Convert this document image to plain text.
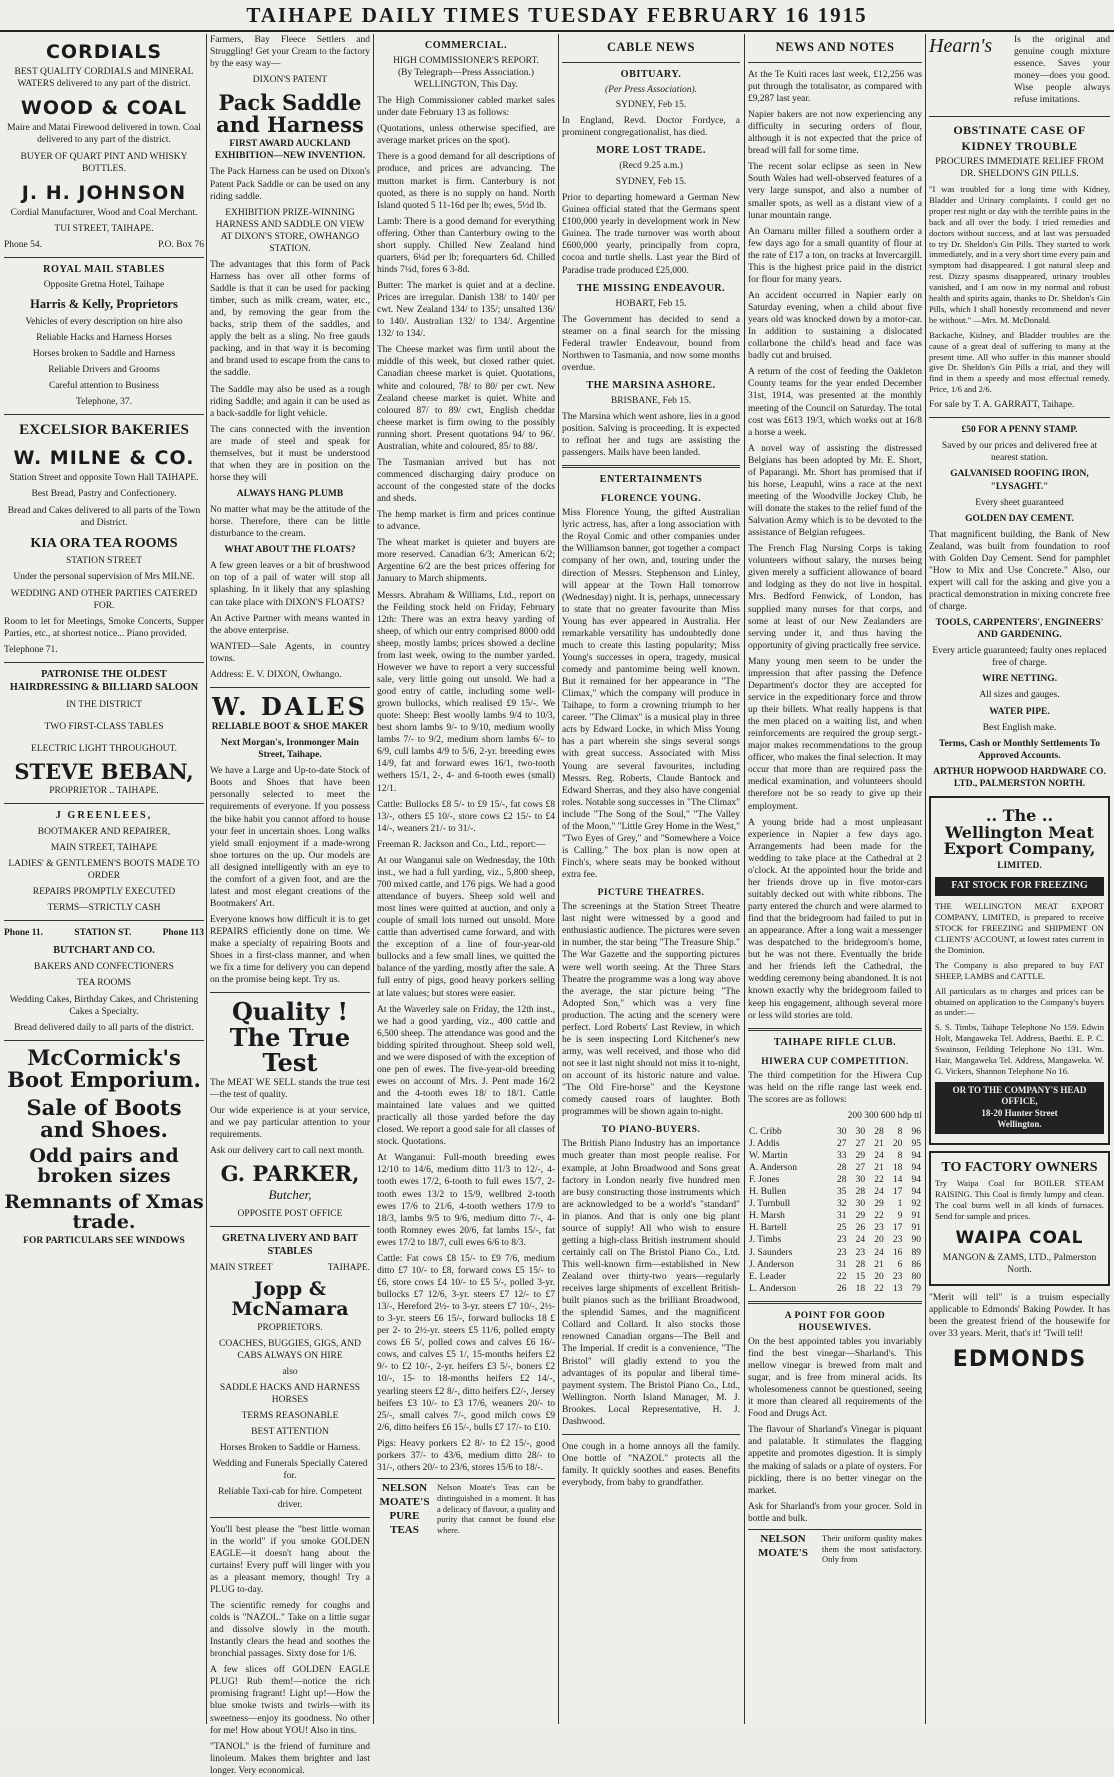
TAIHAPE DAILY TIMES TUESDAY FEBRUARY 16 1915
CORDIALS

BEST QUALITY CORDIALS and MINERAL WATERS delivered to any part of the district.

WOOD & COAL

Maire and Matai Firewood delivered in town. Coal delivered to any part of the district.

BUYER OF QUART PINT AND WHISKY BOTTLES.

J. H. JOHNSON

Cordial Manufacturer, Wood and Coal Merchant.

TUI STREET, TAIHAPE.

Phone 54.	P.O. Box 76
ROYAL MAIL STABLES

Opposite Gretna Hotel, Taihape

Harris & Kelly, Proprietors

Vehicles of every description on hire also

Reliable Hacks and Harness Horses

Horses broken to Saddle and Harness

Reliable Drivers and Grooms

Careful attention to Business

Telephone, 37.

EXCELSIOR BAKERIES
W. MILNE & CO.

Station Street and opposite Town Hall TAIHAPE.

Best Bread, Pastry and Confectionery.

Bread and Cakes delivered to all parts of the Town and District.

KIA ORA TEA ROOMS

STATION STREET

Under the personal supervision of Mrs MILNE.

WEDDING AND OTHER PARTIES CATERED FOR.

Room to let for Meetings, Smoke Concerts, Supper Parties, etc., at shortest notice... Piano provided.

Telephone 71.

PATRONISE THE OLDEST HAIRDRESSING & BILLIARD SALOON

IN THE DISTRICT

TWO FIRST-CLASS TABLES

ELECTRIC LIGHT THROUGHOUT.

STEVE BEBAN,

PROPRIETOR .. TAIHAPE.

J GREENLEES,

BOOTMAKER AND REPAIRER,

MAIN STREET, TAIHAPE

LADIES' & GENTLEMEN'S BOOTS MADE TO ORDER

REPAIRS PROMPTLY EXECUTED

TERMS—STRICTLY CASH

Phone 11.	STATION ST.	Phone 113
BUTCHART AND CO.

BAKERS AND CONFECTIONERS

TEA ROOMS

Wedding Cakes, Birthday Cakes, and Christening Cakes a Specialty.

Bread delivered daily to all parts of the district.

McCormick's Boot Emporium.
Sale of Boots and Shoes.
Odd pairs and broken sizes
Remnants of Xmas trade.

FOR PARTICULARS SEE WINDOWS

Farmers, Bay Fleece Settlers and Struggling! Get your Cream to the factory by the easy way—

DIXON'S PATENT

Pack Saddle and Harness

FIRST AWARD AUCKLAND EXHIBITION—NEW INVENTION.

The Pack Harness can be used on Dixon's Patent Pack Saddle or can be used on any riding saddle.

EXHIBITION PRIZE-WINNING HARNESS AND SADDLE ON VIEW AT DIXON'S STORE, OWHANGO STATION.

The advantages that this form of Pack Harness has over all other forms of Saddle is that it can be used for packing timber, such as milk cream, water, etc., and, by removing the gear from the backs, strip them of the saddles, and apply the belt as a sling. No free gauds packing, and in that way it is becoming and brand used to escape from the cans to the saddle.

The Saddle may also be used as a rough riding Saddle; and again it can be used as a back-saddle for light vehicle.

The cans connected with the invention are made of steel and speak for themselves, but it must be understood that when they are in position on the horse they will

ALWAYS HANG PLUMB

No matter what may be the attitude of the horse. Therefore, there can be little disturbance to the cream.

WHAT ABOUT THE FLOATS?

A few green leaves or a bit of brushwood on top of a pail of water will stop all splashing. In it likely that any splashing can take place with DIXON'S FLOATS?

An Active Partner with means wanted in the above enterprise.

WANTED—Sale Agents, in country towns.

Address: E. V. DIXON, Owhango.

W. DALES

RELIABLE BOOT & SHOE MAKER

Next Morgan's, Ironmonger Main Street, Taihape.

We have a Large and Up-to-date Stock of Boots and Shoes that have been personally selected to meet the requirements of everyone. If you possess the bike habit you cannot afford to house your feet in uncertain shoes. Long walks yield small enjoyment if a made-wrong shoe tortures on the up. Our models are all designed intelligently with an eye to the comfort of a given foot, and are the latest and most elegant creations of the Bootmakers' Art.

Everyone knows how difficult it is to get REPAIRS efficiently done on time. We make a specialty of repairing Boots and Shoes in a first-class manner, and when we fix a time for delivery you can depend on the promise being kept. Try us.

Quality ! The True Test

The MEAT WE SELL stands the true test—the test of quality.

Our wide experience is at your service, and we pay particular attention to your requirements.

Ask our delivery cart to call next month.

G. PARKER,

Butcher,

OPPOSITE POST OFFICE

GRETNA LIVERY AND BAIT STABLES
MAIN STREET	TAIHAPE.
Jopp & McNamara

PROPRIETORS.

COACHES, BUGGIES, GIGS, AND CABS ALWAYS ON HIRE

also

SADDLE HACKS AND HARNESS HORSES

TERMS REASONABLE

BEST ATTENTION

Horses Broken to Saddle or Harness.

Wedding and Funerals Specially Catered for.

Reliable Taxi-cab for hire. Competent driver.

You'll best please the "best little woman in the world" if you smoke GOLDEN EAGLE—it doesn't hang about the curtains! Every puff will linger with you as a pleasant memory, though! Try a PLUG to-day.

The scientific remedy for coughs and colds is "NAZOL." Take on a little sugar and dissolve slowly in the mouth. Instantly clears the head and soothes the bronchial passages. Sixty dose for 1/6.

A few slices off GOLDEN EAGLE PLUG! Rub them!—notice the rich promising fragrant! Light up!—How the blue smoke twists and twirls—with its sweetness—enjoy its goodness. No other for me! How about YOU! Also in tins.

"TANOL" is the friend of furniture and linoleum. Makes them brighter and last longer. Very economical.

COMMERCIAL.
HIGH COMMISSIONER'S REPORT.

(By Telegraph—Press Association.) WELLINGTON, This Day.

The High Commissioner cabled market sales under date February 13 as follows:

(Quotations, unless otherwise specified, are average market prices on the spot).

There is a good demand for all descriptions of produce, and prices are advancing. The mutton market is firm. Canterbury is not quoted, as there is no supply on hand. North Island quoted 5 11-16d per lb; ewes, 5½d lb.

Lamb: There is a good demand for everything offering. Other than Canterbury owing to the short supply. Chilled New Zealand hind quarters, 6¼d per lb; forequarters 6d. Chilled hinds 7¼d, fores 6 3-8d.

Butter: The market is quiet and at a decline. Prices are irregular. Danish 138/ to 140/ per cwt. New Zealand 134/ to 135/; unsalted 136/ to 140/. Australian 132/ to 134/. Argentine 132/ to 134/.

The Cheese market was firm until about the middle of this week, but closed rather quiet. Canadian cheese market is quiet. Quotations, white and coloured, 78/ to 80/ per cwt. New Zealand cheese market is quiet. White and coloured 87/ to 89/ cwt, English cheddar cheese market is firm owing to the possibly running short. Present quotations 94/ to 96/. Australian, white and coloured, 85/ to 88/.

The Tasmanian arrived but has not commenced discharging dairy produce on account of the congested state of the docks and sheds.

The hemp market is firm and prices continue to advance.

The wheat market is quieter and buyers are more reserved. Canadian 6/3; American 6/2; Argentine 6/2 are the best prices offering for January to March shipments.

Messrs. Abraham & Williams, Ltd., report on the Feilding stock held on Friday, February 12th: There was an extra heavy yarding of sheep, of which our entry comprised 8000 odd sheep, mostly lambs; prices showed a decline from last week, owing to the number yarded. However we have to report a very successful sale, very little going out unsold. We had a good entry of cattle, including some well-grown bullocks, which realised £9 15/-. We quote: Sheep: Best woolly lambs 9/4 to 10/3, best shorn lambs 9/- to 9/10, medium woolly lambs 7/- to 9/2, medium shorn lambs 6/- to 6/9, cull lambs 4/9 to 5/6, 2-yr. breeding ewes 14/9, fat and forward ewes 16/1, two-tooth wethers 15/1, 2-, 4- and 6-tooth ewes (small) 12/1.

Cattle: Bullocks £8 5/- to £9 15/-, fat cows £8 13/-, others £5 10/-, store cows £2 15/- to £4 14/-, weaners 21/- to 31/-.

Freeman R. Jackson and Co., Ltd., report:—

At our Wanganui sale on Wednesday, the 10th inst., we had a full yarding, viz., 5,800 sheep, 700 mixed cattle, and 176 pigs. We had a good attendance of buyers. Sheep sold well and most lines were quitted at auction, and only a couple of small lots turned out unsold. More cattle than advertised came forward, and with the exception of a line of four-year-old bullocks and a few small lines, we quitted the balance of the yarding, mostly after the sale. A full entry of pigs, good heavy porkers selling at late values; but stores were easier.

At the Waverley sale on Friday, the 12th inst., we had a good yarding, viz., 400 cattle and 6,500 sheep. The attendance was good and the bidding spirited throughout. Sheep sold well, and we were disposed of with the exception of one pen of ewes. The five-year-old breeding ewes on account of Mrs. J. Pent made 16/2 and the 4-tooth ewes 18/ to 18/1. Cattle maintained late values and we quitted practically all those yarded before the day closed. We report a good sale for all classes of stock. Quotations.

At Wanganui: Full-mouth breeding ewes 12/10 to 14/6, medium ditto 11/3 to 12/-, 4-tooth ewes 17/2, 6-tooth to full ewes 15/7, 2-tooth ewes 13/2 to 15/9, wellbred 2-tooth ewes 17/6 to 21/6, 4-tooth wethers 17/9 to 18/3, lambs 9/5 to 9/6, medium ditto 7/-, 4-tooth Romney ewes 20/6, fat lambs 15/-, fat ewes 17/2 to 18/7, cull ewes 6/6 to 8/3.

Cattle: Fat cows £8 15/- to £9 7/6, medium ditto £7 10/- to £8, forward cows £5 15/- to £6, store cows £4 10/- to £5 5/-, polled 3-yr. bullocks £7 12/6, 3-yr. steers £7 12/- to £7 13/-, Hereford 2½- to 3-yr. steers £7 10/-, 2½- to 3-yr. steers £6 15/-, forward bullocks 18 £ per 2- to 2½-yr. steers £5 11/6, polled empty cows £6 5/, polled cows and calves £6 16/- cows, and calves £5 1/, 15-months heifers £2 9/- to £2 10/-, 2-yr. heifers £3 5/-, boners £2 10/-, 15- to 18-months heifers £2 14/-, yearling steers £2 8/-, ditto heifers £2/-, Jersey heifers £3 10/- to £3 17/6, weaners 20/- to 25/-, small calves 7/-, good milch cows £9 2/6, ditto heifers £6 15/-, bulls £7 17/- to £10.

Pigs: Heavy porkers £2 8/- to £2 15/-, good porkers 37/- to 43/6, medium ditto 28/- to 31/-, others 20/- to 23/6, stores 15/6 to 18/-.

NELSON MOATE'S PURE TEAS

Nelson Moate's Teas can be distinguished in a moment. It has a delicacy of flavour, a quality and purity that cannot be found else where.

CABLE NEWS
OBITUARY.

(Per Press Association).

SYDNEY, Feb 15.

In England, Revd. Doctor Fordyce, a prominent congregationalist, has died.

MORE LOST TRADE.

(Recd 9.25 a.m.)

SYDNEY, Feb 15.

Prior to departing homeward a German New Guinea official stated that the Germans spent £100,000 yearly in development work in New Guinea. The trade turnover was worth about £600,000 yearly, principally from copra, cocoa and turtle shells. Last year the Bird of Paradise trade produced £25,000.

THE MISSING ENDEAVOUR.

HOBART, Feb 15.

The Government has decided to send a steamer on a final search for the missing Federal trawler Endeavour, bound from Northwen to Tasmania, and now some months overdue.

THE MARSINA ASHORE.

BRISBANE, Feb 15.

The Marsina which went ashore, lies in a good position. Salving is proceeding. It is expected to refloat her and tugs are assisting the passengers. Mails have been landed.

ENTERTAINMENTS
FLORENCE YOUNG.

Miss Florence Young, the gifted Australian lyric actress, has, after a long association with the Royal Comic and other companies under the Williamson banner, got together a compact company of her own, and, touring under the direction of Messrs. Stephenson and Linley, will appear at the Town Hall tomorrow (Wednesday) night. It is, perhaps, unnecessary to state that no greater favourite than Miss Young has ever appeared in Australia. Her remarkable versatility has undoubtedly done much to create this lasting popularity; Miss Young's successes in opera, tragedy, musical comedy and pantomime being well known. But it remained for her appearance in "The Climax," which the company will produce in Taihape, to form a crowning triumph to her career. "The Climax" is a musical play in three acts by Edward Locke, in which Miss Young has a part wherein she sings several songs with great success. Associated with Miss Young are several favourites, including Messrs. Reg. Roberts, Claude Bantock and Edward Sherras, and they also have congenial roles. Notable song successes in "The Climax" include "The Song of the Soul," "The Valley of the Moon," "Little Grey Home in the West," "Two Eyes of Grey," and "Somewhere a Voice is Calling." The box plan is now open at Finch's, where seats may be booked without extra fee.

PICTURE THEATRES.

The screenings at the Station Street Theatre last night were witnessed by a good and enthusiastic audience. The pictures were seven in number, the star being "The Treasure Ship." The War Gazette and the supporting pictures were well worth seeing. At the Three Stars Theatre the programme was a long way above the average, the star picture being "The Adopted Son," which was a very fine production. The acting and the scenery were perfect. Lord Roberts' Last Review, in which he is seen inspecting Lord Kitchener's new army, was well received, and those who did not see it last night should not miss it to-night, on account of its historic nature and value. "The Old Fire-horse" and the Keystone comedy caused roars of laughter. Both programmes will be shown again to-night.

TO PIANO-BUYERS.

The British Piano Industry has an importance much greater than most people realise. For example, at John Broadwood and Sons great factory in London nearly five hundred men are busy constructing those instruments which are acknowledged to be a world's "standard" in pianos. And that is only one big plant source of supply! All who wish to ensure getting a high-class British instrument should certainly call on The Bristol Piano Co., Ltd. This well-known firm—established in New Zealand over thirty-two years—regularly receives large shipments of excellent British-built pianos such as the brilliant Broadwood, the splendid Sames, and the magnificent Collard and Collard. It also stocks those renowned Canadian organs—The Bell and The Imperial. If credit is a convenience, "The Bristol" will gladly extend to you the advantages of its popular and liberal time-payment system. The Bristol Piano Co., Ltd., Wellington. North Island Manager, M. J. Brookes. Local Representative, H. J. Dashwood.

One cough in a home annoys all the family. One bottle of "NAZOL" protects all the family. It quickly soothes and eases. Benefits everybody, from baby to grandfather.

NEWS AND NOTES

At the Te Kuiti races last week, £12,256 was put through the totalisator, as compared with £9,287 last year.

Napier bakers are not now experiencing any difficulty in securing orders of flour, although it is not expected that the price of bread will fall for some time.

The recent solar eclipse as seen in New South Wales had well-observed features of a very large sunspot, and also a number of smaller spots, as well as a distant view of a lunar mountain range.

An Oamaru miller filled a southern order a few days ago for a small quantity of flour at the rate of £17 a ton, on tracks at Invercargill. This is the highest price paid in the district for flour for many years.

An accident occurred in Napier early on Saturday evening, when a child about five years old was knocked down by a motor-car. In addition to sustaining a dislocated collarbone the child's head and face was badly cut and bruised.

A return of the cost of feeding the Oakleton County teams for the year ended December 31st, 1914, was presented at the monthly meeting of the Council on Saturday. The total cost was £613 19/3, which works out at 16/8 a horse a week.

A novel way of assisting the distressed Belgians has been adopted by Mr. E. Short, of Paparangi. Mr. Short has promised that if his horse, Leapuhl, wins a race at the next meeting of the Woodville Jockey Club, he will donate the stakes to the relief fund of the Salvation Army which is to be devoted to the assistance of Belgian refugees.

The French Flag Nursing Corps is taking volunteers without salary, the nurses being given merely a sufficient allowance of board and lodging as they do not live in hospital. Mrs. Bedford Fenwick, of London, has supplied many nurses for that corps, and some at least of our New Zealanders are serving under it, and thus having the opportunity of giving practically free service.

Many young men seem to be under the impression that after passing the Defence Department's doctor they are accepted for service in the expeditionary force and throw up their billets. What really happens is that the men placed on a waiting list, and when reinforcements are required the group sergt.-major makes recommendations to the group officer, who makes the final selection. It may occur that more than are required pass the medical examination, and volunteers should therefore not be so ready to give up their employment.

A young bride had a most unpleasant experience in Napier a few days ago. Arrangements had been made for the wedding to take place at the Cathedral at 2 o'clock. At the appointed hour the bride and her friends drove up in five motor-cars suitably decked out with white ribbons. The party entered the church and were alarmed to find that the bridegroom had failed to put in an appearance. After a long wait a messenger was despatched to the bridegroom's home, but he was not there. Eventually the bride and her friends left the Cathedral, the wedding ceremony being abandoned. It is not known exactly why the bridegroom failed to keep his engagement, although several more or less wild stories are told.

TAIHAPE RIFLE CLUB.
HIWERA CUP COMPETITION.

The third competition for the Hiwera Cup was held on the rifle range last week end. The scores are as follows:

200 300 600 hdp ttl

C. Cribb	30	30	28	8	96
J. Addis	27	27	21	20	95
W. Martin	33	29	24	8	94
A. Anderson	28	27	21	18	94
F. Jones	28	30	22	14	94
H. Bullen	35	28	24	17	94
J. Turnbull	32	30	29	1	92
H. Marsh	31	29	22	9	91
H. Bartell	25	26	23	17	91
J. Timbs	23	24	20	23	90
J. Saunders	23	23	24	16	89
J. Anderson	31	28	21	6	86
E. Leader	22	15	20	23	80
L. Anderson	26	18	22	13	79
A POINT FOR GOOD HOUSEWIVES.

On the best appointed tables you invariably find the best vinegar—Sharland's. This mellow vinegar is brewed from malt and sugar, and is free from mineral acids. Its wholesomeness cannot be questioned, seeing it more than cleared all requirements of the Food and Drugs Act.

The flavour of Sharland's Vinegar is piquant and palatable. It stimulates the flagging appetite and promotes digestion. It is simply the making of salads or a plate of oysters. For pickling, there is no better vinegar on the market.

Ask for Sharland's from your grocer. Sold in bottle and bulk.

NELSON MOATE'S

Their uniform quality makes them the most satisfactory. Only from

Hearn's	Is the original and genuine cough mixture essence. Saves your money—does you good. Wise people always refuse imitations.

OBSTINATE CASE OF KIDNEY TROUBLE

PROCURES IMMEDIATE RELIEF FROM DR. SHELDON'S GIN PILLS.

"I was troubled for a long time with Kidney, Bladder and Urinary complaints. I could get no proper rest night or day with the terrible pains in the back and all over the body. I tried remedies and doctors without success, and at last was persuaded to try Dr. Sheldon's Gin Pills. They started to work immediately, and in a very short time every pain and symptom had disappeared. I got natural sleep and rest. Dizzy spasms disappeared, urinary troubles vanished, and I am now in my normal and robust health and spirits again, thanks to Dr. Sheldon's Gin Pills, which I shall honestly recommend and never be without." —Mrs. M. McDonald.

Backache, Kidney, and Bladder troubles are the cause of a great deal of suffering to many at the present time. All who suffer in this manner should give Dr. Sheldon's Gin Pills a trial, and they will find in them a speedy and most effectual remedy. Price, 1/6 and 2/6.

For sale by T. A. GARRATT, Taihape.

£50 FOR A PENNY STAMP.

Saved by our prices and delivered free at nearest station.

GALVANISED ROOFING IRON, "LYSAGHT."

Every sheet guaranteed

GOLDEN DAY CEMENT.

That magnificent building, the Bank of New Zealand, was built from foundation to roof with Golden Day Cement. Send for pamphlet "How to Mix and Use Concrete." Also, our expert will call for the asking and give you a practical demonstration in mixing concrete free of charge.

TOOLS, CARPENTERS', ENGINEERS' AND GARDENING.

Every article guaranteed; faulty ones replaced free of charge.

WIRE NETTING.

All sizes and gauges.

WATER PIPE.

Best English make.

Terms, Cash or Monthly Settlements To Approved Accounts.

ARTHUR HOPWOOD HARDWARE CO. LTD., PALMERSTON NORTH.

.. The .. Wellington Meat Export Company,

LIMITED.

FAT STOCK FOR FREEZING

THE WELLINGTON MEAT EXPORT COMPANY, LIMITED, is prepared to receive STOCK for FREEZING and SHIPMENT ON CLIENTS' ACCOUNT, at lowest rates current in the Dominion.

The Company is also prepared to buy FAT SHEEP, LAMBS and CATTLE.

All particulars as to charges and prices can be obtained on application to the Company's buyers as under:—

S. S. Timbs, Taihape Telephone No 159. Edwin Holt, Mangaweka Tel. Address, Baethi. E. P. C. Swainson, Feilding Telephone No 131. Wm. Hair, Mangaweka Tel. Address, Mangaweka. W. G. Vickers, Shannon Telephone No 16.

OR TO THE COMPANY'S HEAD OFFICE,
18-20 Hunter Street
Wellington.
TO FACTORY OWNERS

Try Waipa Coal for BOILER STEAM RAISING. This Coal is firmly lumpy and clean. The coal burns well in all kinds of furnaces. Send for sample and prices.

WAIPA COAL

MANGON & ZAMS, LTD., Palmerston North.

"Merit will tell" is a truism especially applicable to Edmonds' Baking Powder. It has been the greatest friend of the housewife for over 33 years. Merit, that's it! 'Twill tell!

EDMONDS
